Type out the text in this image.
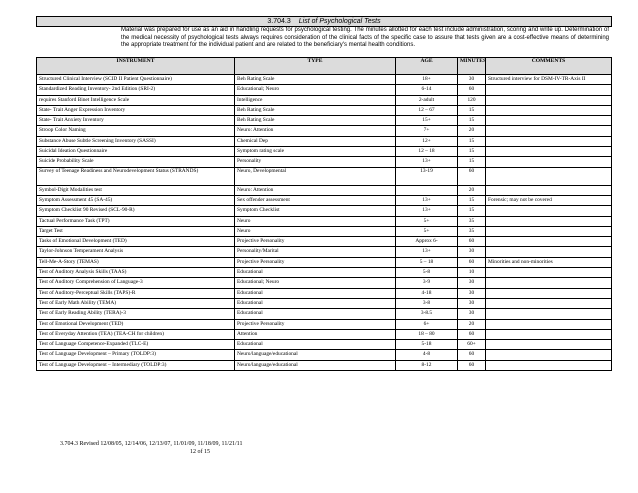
3.704.3 List of Psychological Tests
Material was prepared for use as an aid in handling requests for psychological testing. The minutes allotted for each test include administration, scoring and write up. Determination of the medical necessity of psychological tests always requires consideration of the clinical facts of the specific case to assure that tests given are a cost-effective means of determining the appropriate treatment for the individual patient and are related to the beneficiary's mental health conditions.
INSTRUMENT	TYPE	AGE	MINUTES	COMMENTS
Structured Clinical Interview (SCID II Patient Questionnaire)	Beh Rating Scale	18+	30	Structured interview for DSM-IV-TR-Axis II
Standardized Reading Inventory- 2nd Edition (SRI-2)	Educational; Neuro	6-14	60	
requires Stanford Binet Intelligence Scale	Intelligence	2-adult	120	
State- Trait Anger Expression Inventory	Beh Rating Scale	12 – 67	15	
State- Trait Anxiety Inventory	Beh Rating Scale	15+	15	
Stroop Color Naming	Neuro: Attention	7+	20	
Substance Abuse Subtle Screening Inventory (SASSI)	Chemical Dep	12+	15	
Suicidal Ideation Questionnaire	Symptom rating scale	12 – 18	15	
Suicide Probability Scale	Personality	13+	15	
Survey of Teenage Readiness and Neurodevelopment Status (STRANDS)	Neuro, Developmental	13-19	60	
Symbol-Digit Modalities test	Neuro: Attention		20	
Symptom Assessment 45 (SA-45)	Sex offender assessment	13+	15	Forensic; may not be covered
Symptom Checklist 90 Revised (SCL-90-R)	Symptom Checklist	13+	15	
Tactual Performance Task (TPT)	Neuro	5+	35	
Target Test	Neuro	5+	35	
Tasks of Emotional Development (TED)	Projective Personality	Approx 6-	60	
Taylor-Johnson Temperament Analysis	Personality/Marital	13+	30	
Tell-Me-A-Story (TEMAS)	Projective Personality	5 – 18	60	Minorities and non-minorities
Test of Auditory Analysis Skills (TAAS)	Educational	5-8	10	
Test of Auditory Comprehension of Language-3	Educational; Neuro	3-9	30	
Test of Auditory-Perceptual Skills (TAPS)-R	Educational	4-18	30	
Test of Early Math Ability (TEMA)	Educational	3-8	30	
Test of Early Reading Ability (TERA)-3	Educational	3-8.5	30	
Test of Emotional Development (TED)	Projective Personality	6+	20	
Test of Everyday Attention (TEA) (TEA-CH for children)	Attention	18 – 80	60	
Test of Language Competence-Expanded (TLC-E)	Educational	5-18	60+	
Test of Language Development – Primary (TOLDP:3)	Neuro/language/educational	4-8	60	
Test of Language Development – Intermediary (TOLDP:3)	Neuro/language/educational	8-12	60	
3.704.3 Revised 12/08/05, 12/14/06, 12/13/07, 11/01/09, 11/18/09, 11/21/11
12 of 15
